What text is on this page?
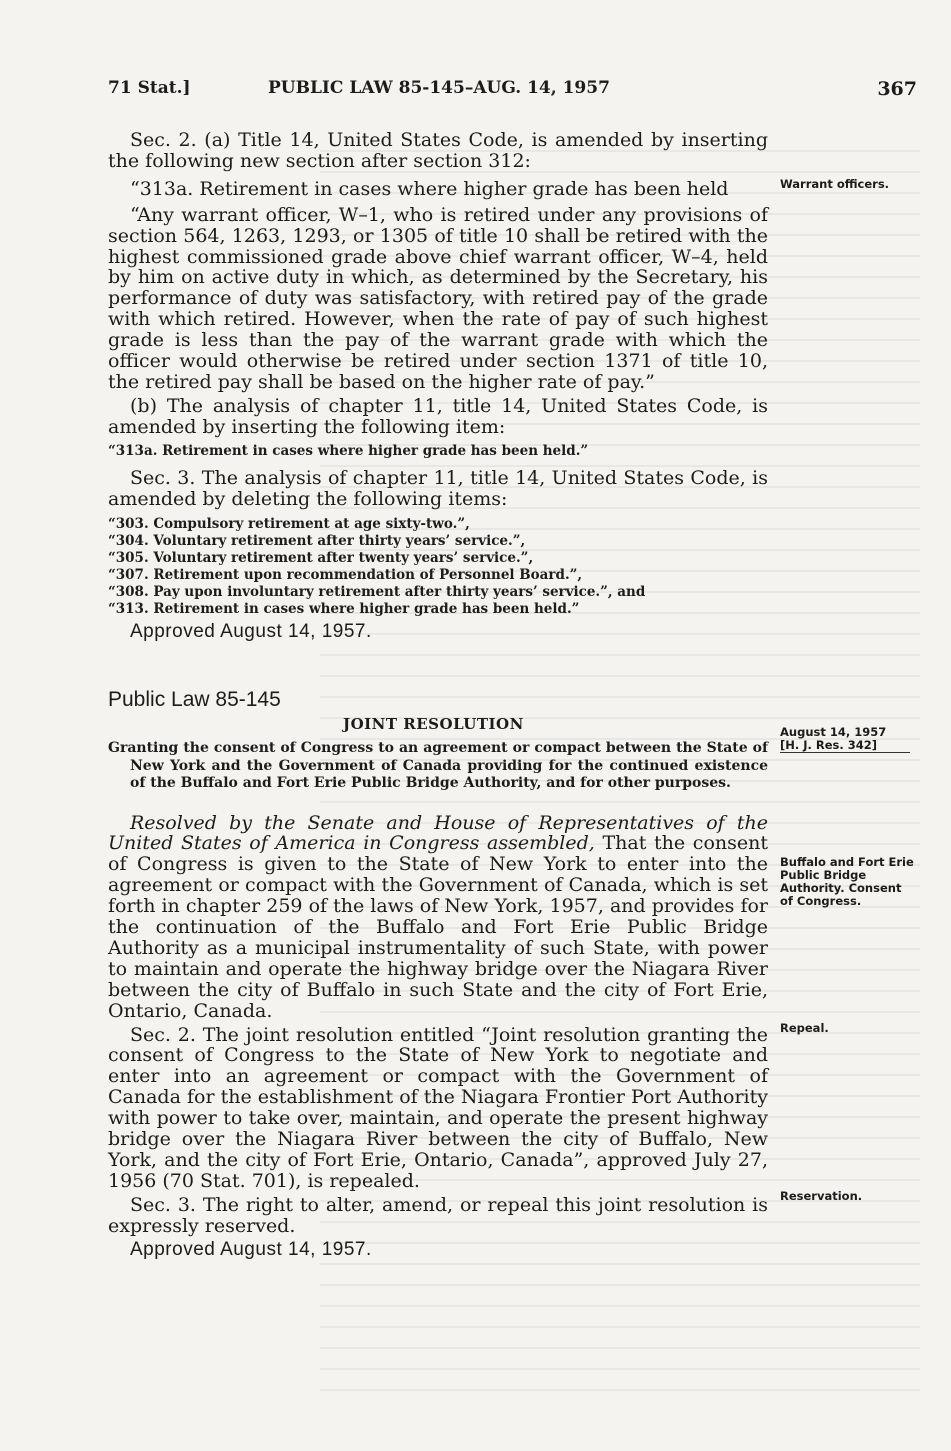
71 Stat.]	PUBLIC LAW 85-145–AUG. 14, 1957	367

Sec. 2. (a) Title 14, United States Code, is amended by inserting the following new section after section 312:

“313a. Retirement in cases where higher grade has been held

“Any warrant officer, W–1, who is retired under any provisions of section 564, 1263, 1293, or 1305 of title 10 shall be retired with the highest commissioned grade above chief warrant officer, W–4, held by him on active duty in which, as determined by the Secretary, his performance of duty was satisfactory, with retired pay of the grade with which retired. However, when the rate of pay of such highest grade is less than the pay of the warrant grade with which the officer would otherwise be retired under section 1371 of title 10, the retired pay shall be based on the higher rate of pay.”

(b) The analysis of chapter 11, title 14, United States Code, is amended by inserting the following item:

“313a. Retirement in cases where higher grade has been held.”

Sec. 3. The analysis of chapter 11, title 14, United States Code, is amended by deleting the following items:

“303. Compulsory retirement at age sixty-two.”,

“304. Voluntary retirement after thirty years’ service.”,

“305. Voluntary retirement after twenty years’ service.”,

“307. Retirement upon recommendation of Personnel Board.”,

“308. Pay upon involuntary retirement after thirty years’ service.”, and

“313. Retirement in cases where higher grade has been held.”

Approved August 14, 1957.

Public Law 85-145
JOINT RESOLUTION

Granting the consent of Congress to an agreement or compact between the State of New York and the Government of Canada providing for the continued existence of the Buffalo and Fort Erie Public Bridge Authority, and for other purposes.

Resolved by the Senate and House of Representatives of the United States of America in Congress assembled, That the consent of Congress is given to the State of New York to enter into the agreement or compact with the Government of Canada, which is set forth in chapter 259 of the laws of New York, 1957, and provides for the continuation of the Buffalo and Fort Erie Public Bridge Authority as a municipal instrumentality of such State, with power to maintain and operate the highway bridge over the Niagara River between the city of Buffalo in such State and the city of Fort Erie, Ontario, Canada.

Sec. 2. The joint resolution entitled “Joint resolution granting the consent of Congress to the State of New York to negotiate and enter into an agreement or compact with the Government of Canada for the establishment of the Niagara Frontier Port Authority with power to take over, maintain, and operate the present highway bridge over the Niagara River between the city of Buffalo, New York, and the city of Fort Erie, Ontario, Canada”, approved July 27, 1956 (70 Stat. 701), is repealed.

Sec. 3. The right to alter, amend, or repeal this joint resolution is expressly reserved.

Approved August 14, 1957.

Warrant officers.
August 14, 1957
[H. J. Res. 342]
Buffalo and Fort Erie Public Bridge Authority. Consent of Congress.
Repeal.
Reservation.
